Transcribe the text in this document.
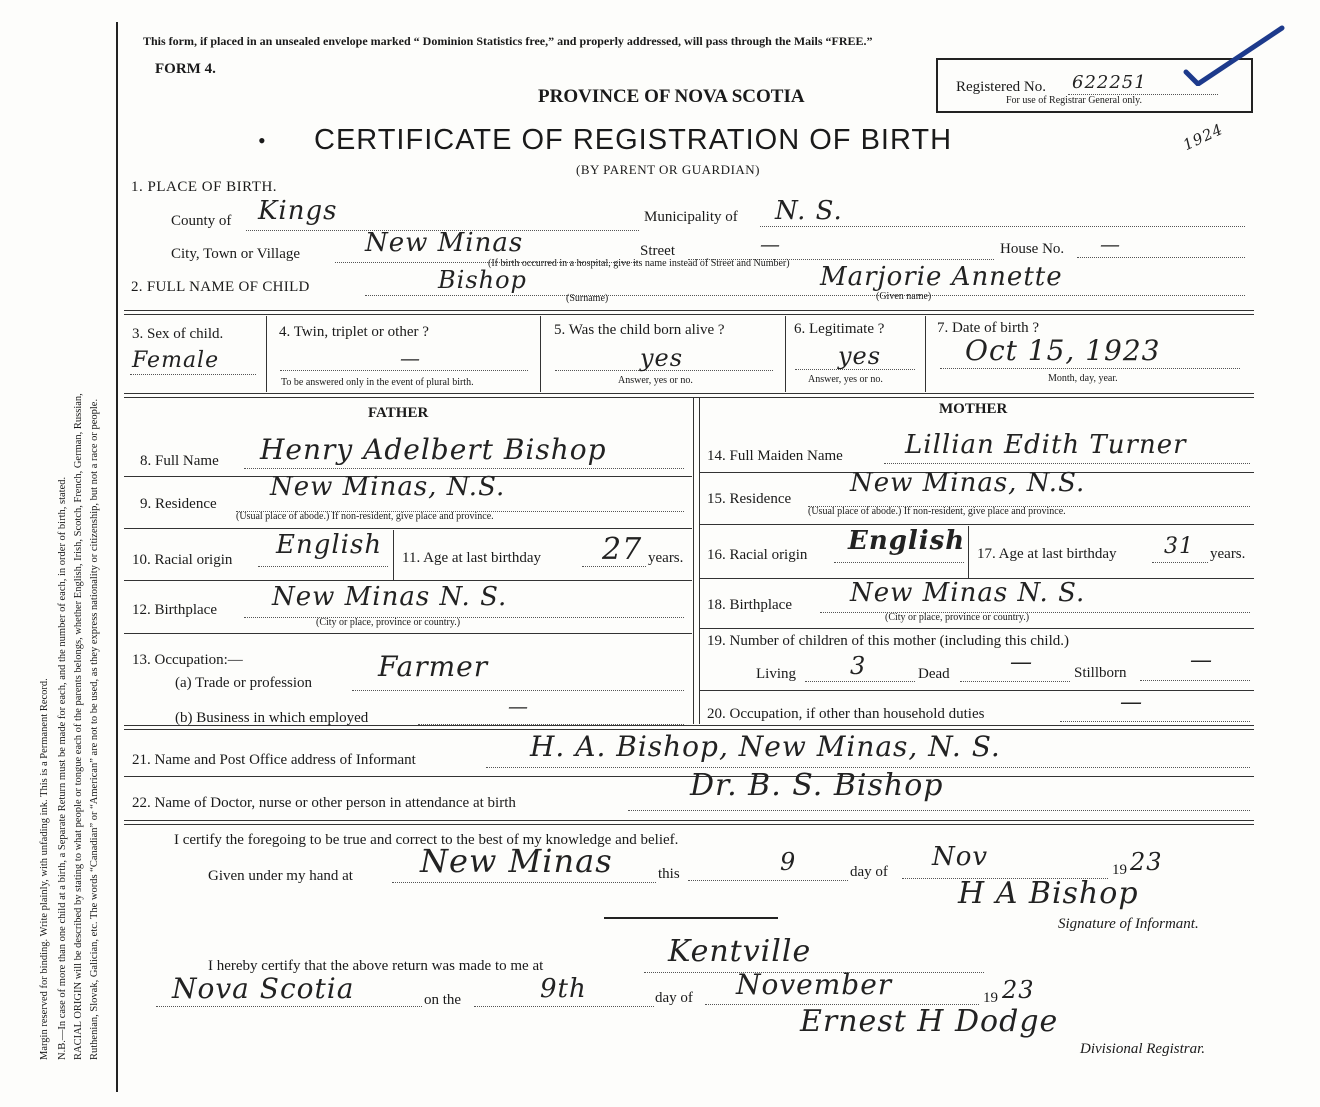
Margin reserved for binding. Write plainly, with unfading ink. This is a Permanent Record. N.B.—In case of more than one child at a birth, a Separate Return must be made for each, and the number of each, in order of birth, stated. RACIAL ORIGIN will be described by stating to what people or tongue each of the parents belongs, whether English, Irish, Scotch, French, German, Russian, Ruthenian, Slovak, Galician, etc. The words “Canadian” or “American” are not to be used, as they express nationality or citizenship, but not a race or people.
This form, if placed in an unsealed envelope marked “ Dominion Statistics free,” and properly addressed, will pass through the Mails “FREE.”
FORM 4.
PROVINCE OF NOVA SCOTIA
• CERTIFICATE OF REGISTRATION OF BIRTH
(BY PARENT OR GUARDIAN)
Registered No. 622251
For use of Registrar General only.
1924
1. PLACE OF BIRTH.
County of Kings	Municipality of N. S.
City, Town or Village New Minas	Street	—	House No. —
(If birth occurred in a hospital, give its name instead of Street and Number)
2. FULL NAME OF CHILD	Bishop
(Surname)
Marjorie Annette
(Given name)
3. Sex of child.
Female
4. Twin, triplet or other ?
—
To be answered only in the event of plural birth.
5. Was the child born alive ?
yes
Answer, yes or no.
6. Legitimate ?
yes
Answer, yes or no.
7. Date of birth ?
Oct 15, 1923
Month, day, year.
FATHER
8. Full Name Henry Adelbert Bishop
9. Residence
New Minas, N.S.
(Usual place of abode.) If non-resident, give place and province.
10. Racial origin English 11. Age at last birthday 27 years.
12. Birthplace New Minas N. S.
(City or place, province or country.)
13. Occupation:—
(a) Trade or profession Farmer
(b) Business in which employed	—
MOTHER
14. Full Maiden Name Lillian Edith Turner
15. Residence
New Minas, N.S.
(Usual place of abode.) If non-resident, give place and province.
16. Racial origin English 17. Age at last birthday 31 years.
18. Birthplace New Minas N. S.
(City or place, province or country.)
19. Number of children of this mother (including this child.)
Living 3	Dead	—	Stillborn	—
20. Occupation, if other than household duties	—
21. Name and Post Office address of Informant	H. A. Bishop, New Minas, N. S.
22. Name of Doctor, nurse or other person in attendance at birth	Dr. B. S. Bishop
I certify the foregoing to be true and correct to the best of my knowledge and belief.
Given under my hand at New Minas	this	9	day of Nov	19 23
H A Bishop
Signature of Informant.
I hereby certify that the above return was made to me at	Kentville
Nova Scotia	on the	9th	day of November	19 23
Ernest H Dodge
Divisional Registrar.
